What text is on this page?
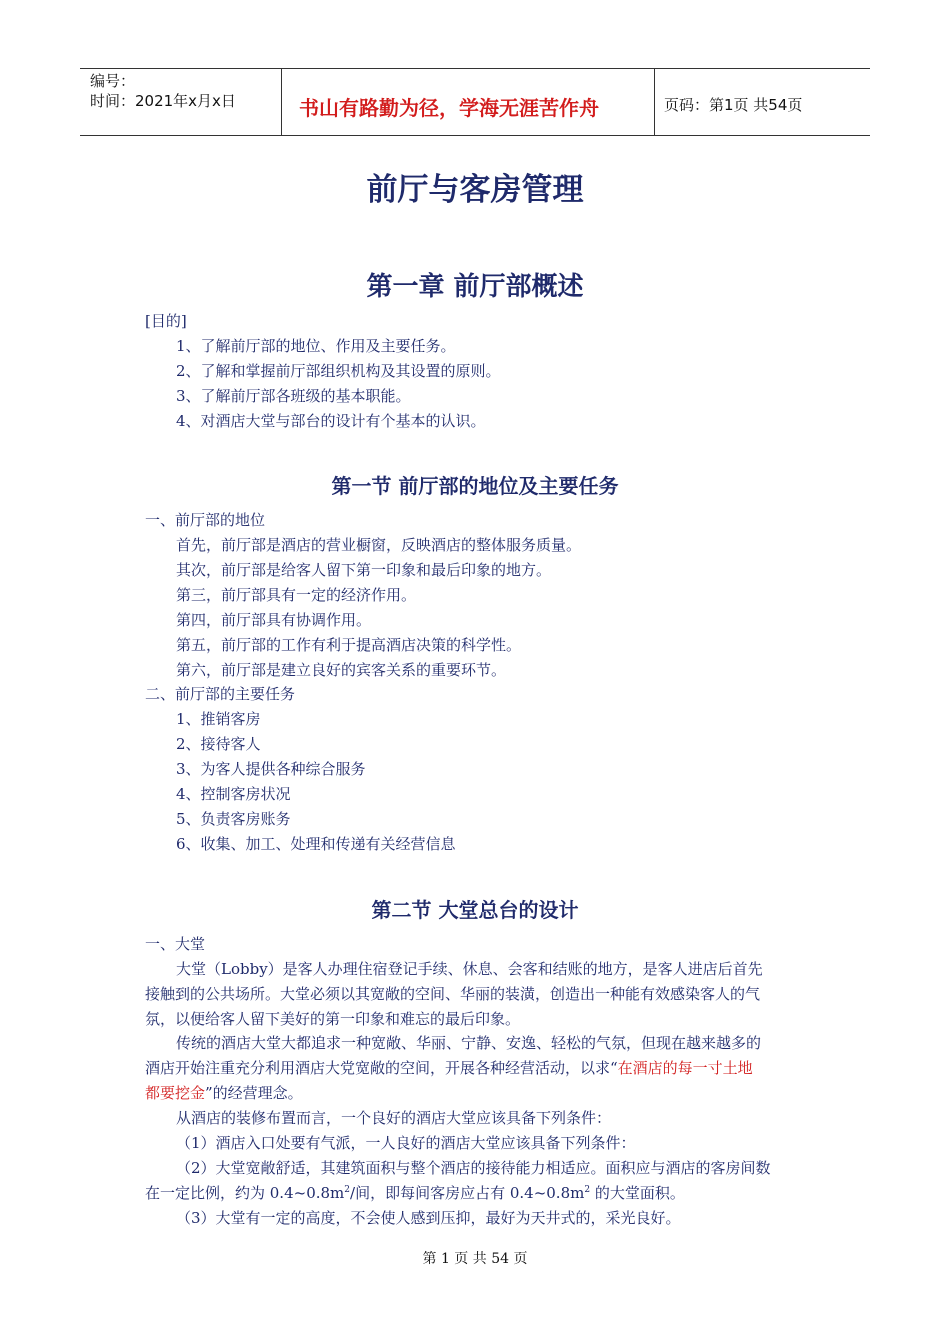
编号：
时间：2021年x月x日	书山有路勤为径，学海无涯苦作舟	页码：第1页 共54页
前厅与客房管理
第一章 前厅部概述
[目的]
1、了解前厅部的地位、作用及主要任务。
2、了解和掌握前厅部组织机构及其设置的原则。
3、了解前厅部各班级的基本职能。
4、对酒店大堂与部台的设计有个基本的认识。
第一节 前厅部的地位及主要任务
一、前厅部的地位
首先，前厅部是酒店的营业橱窗，反映酒店的整体服务质量。
其次，前厅部是给客人留下第一印象和最后印象的地方。
第三，前厅部具有一定的经济作用。
第四，前厅部具有协调作用。
第五，前厅部的工作有利于提高酒店决策的科学性。
第六，前厅部是建立良好的宾客关系的重要环节。
二、前厅部的主要任务
1、推销客房
2、接待客人
3、为客人提供各种综合服务
4、控制客房状况
5、负责客房账务
6、收集、加工、处理和传递有关经营信息
第二节 大堂总台的设计
一、大堂
大堂（Lobby）是客人办理住宿登记手续、休息、会客和结账的地方，是客人进店后首先
接触到的公共场所。大堂必须以其宽敞的空间、华丽的装潢，创造出一种能有效感染客人的气
氛，以便给客人留下美好的第一印象和难忘的最后印象。
传统的酒店大堂大都追求一种宽敞、华丽、宁静、安逸、轻松的气氛，但现在越来越多的
酒店开始注重充分利用酒店大党宽敞的空间，开展各种经营活动，以求“在酒店的每一寸土地
都要挖金”的经营理念。
从酒店的装修布置而言，一个良好的酒店大堂应该具备下列条件：
（1）酒店入口处要有气派，一人良好的酒店大堂应该具备下列条件：
（2）大堂宽敞舒适，其建筑面积与整个酒店的接待能力相适应。面积应与酒店的客房间数
在一定比例，约为 $0.4\sim 0.8m^2/$间，即每间客房应占有 $0.4\sim 0.8m^2$ 的大堂面积。
（3）大堂有一定的高度，不会使人感到压抑，最好为天井式的，采光良好。
第 1 页 共 54 页
